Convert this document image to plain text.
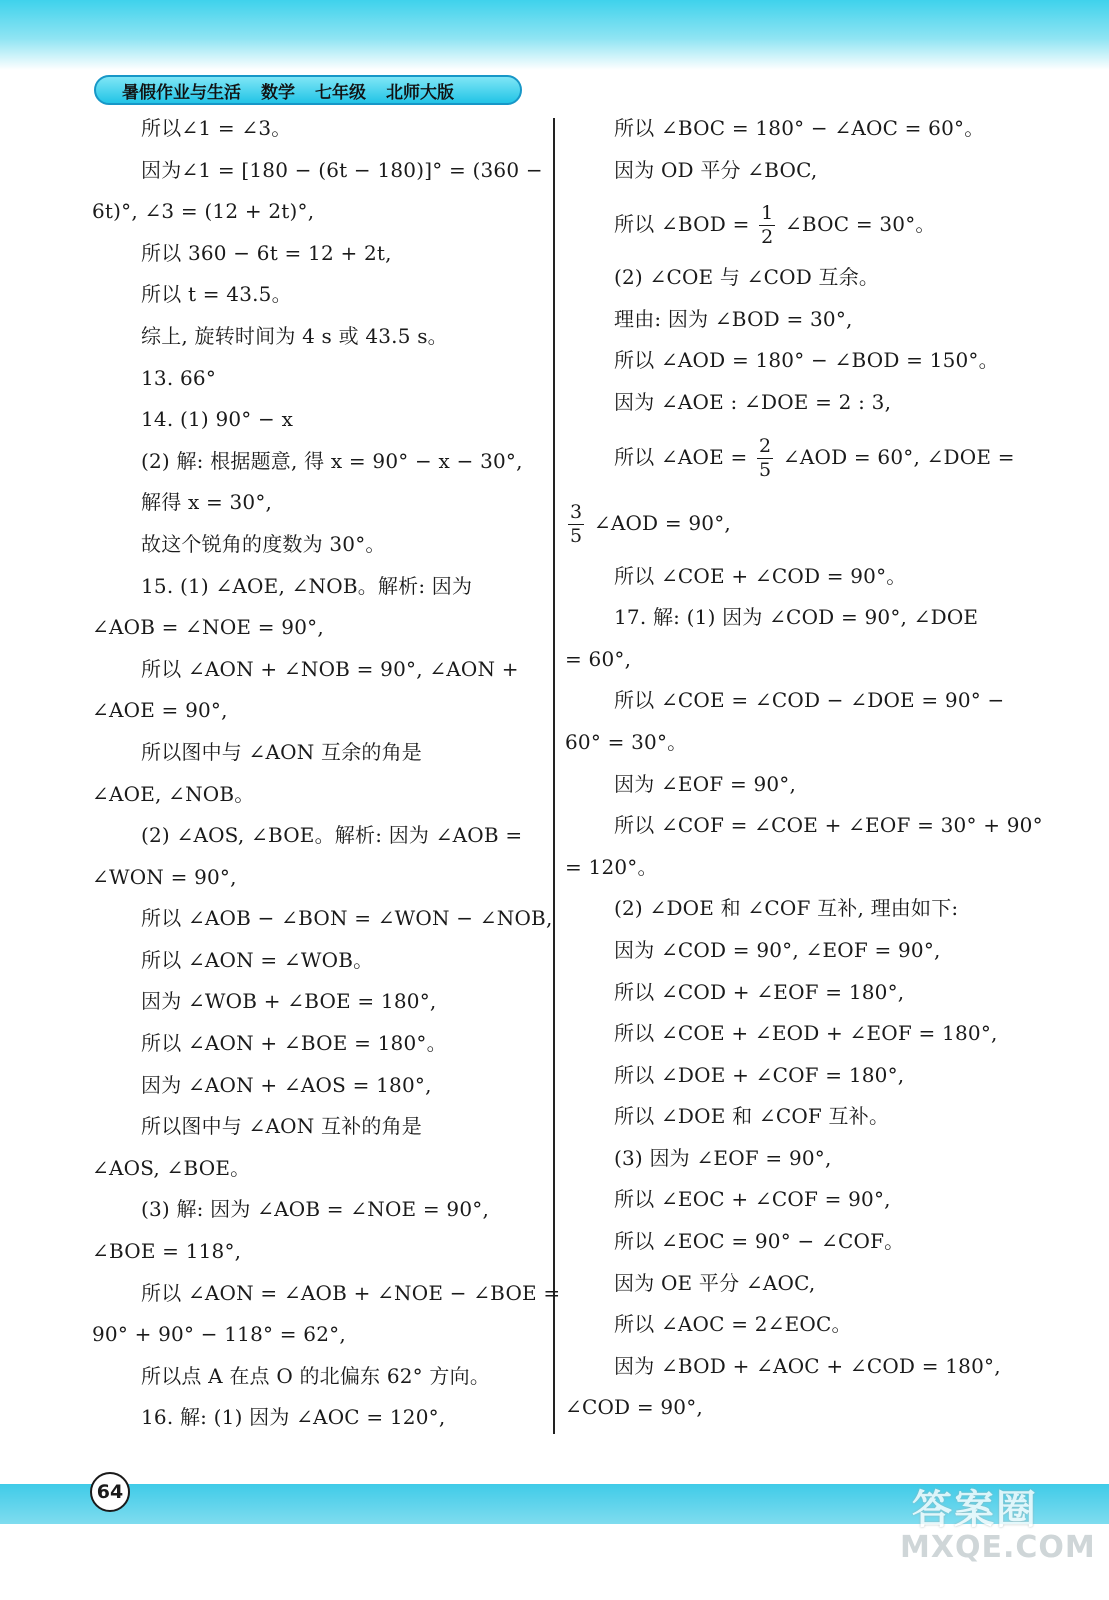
暑假作业与生活 数学 七年级 北师大版
所以∠1 = ∠3。
因为∠1 = [180 − (6t − 180)]° = (360 −
6t)°, ∠3 = (12 + 2t)°,
所以 360 − 6t = 12 + 2t,
所以 t = 43.5。
综上, 旋转时间为 4 s 或 43.5 s。
13. 66°
14. (1) 90° − x
(2) 解: 根据题意, 得 x = 90° − x − 30°,
解得 x = 30°,
故这个锐角的度数为 30°。
15. (1) ∠AOE, ∠NOB。解析: 因为
∠AOB = ∠NOE = 90°,
所以 ∠AON + ∠NOB = 90°, ∠AON +
∠AOE = 90°,
所以图中与 ∠AON 互余的角是
∠AOE, ∠NOB。
(2) ∠AOS, ∠BOE。解析: 因为 ∠AOB =
∠WON = 90°,
所以 ∠AOB − ∠BON = ∠WON − ∠NOB,
所以 ∠AON = ∠WOB。
因为 ∠WOB + ∠BOE = 180°,
所以 ∠AON + ∠BOE = 180°。
因为 ∠AON + ∠AOS = 180°,
所以图中与 ∠AON 互补的角是
∠AOS, ∠BOE。
(3) 解: 因为 ∠AOB = ∠NOE = 90°,
∠BOE = 118°,
所以 ∠AON = ∠AOB + ∠NOE − ∠BOE =
90° + 90° − 118° = 62°,
所以点 A 在点 O 的北偏东 62° 方向。
16. 解: (1) 因为 ∠AOC = 120°,
所以 ∠BOC = 180° − ∠AOC = 60°。
因为 OD 平分 ∠BOC,
所以 ∠BOD = $\frac{1}{2}$ ∠BOC = 30°。
(2) ∠COE 与 ∠COD 互余。
理由: 因为 ∠BOD = 30°,
所以 ∠AOD = 180° − ∠BOD = 150°。
因为 ∠AOE : ∠DOE = 2 : 3,
所以 ∠AOE = $\frac{2}{5}$ ∠AOD = 60°, ∠DOE =
$\frac{3}{5}$ ∠AOD = 90°,
所以 ∠COE + ∠COD = 90°。
17. 解: (1) 因为 ∠COD = 90°, ∠DOE
= 60°,
所以 ∠COE = ∠COD − ∠DOE = 90° −
60° = 30°。
因为 ∠EOF = 90°,
所以 ∠COF = ∠COE + ∠EOF = 30° + 90°
= 120°。
(2) ∠DOE 和 ∠COF 互补, 理由如下:
因为 ∠COD = 90°, ∠EOF = 90°,
所以 ∠COD + ∠EOF = 180°,
所以 ∠COE + ∠EOD + ∠EOF = 180°,
所以 ∠DOE + ∠COF = 180°,
所以 ∠DOE 和 ∠COF 互补。
(3) 因为 ∠EOF = 90°,
所以 ∠EOC + ∠COF = 90°,
所以 ∠EOC = 90° − ∠COF。
因为 OE 平分 ∠AOC,
所以 ∠AOC = 2∠EOC。
因为 ∠BOD + ∠AOC + ∠COD = 180°,
∠COD = 90°,
64	答案圈
MXQE.COM
